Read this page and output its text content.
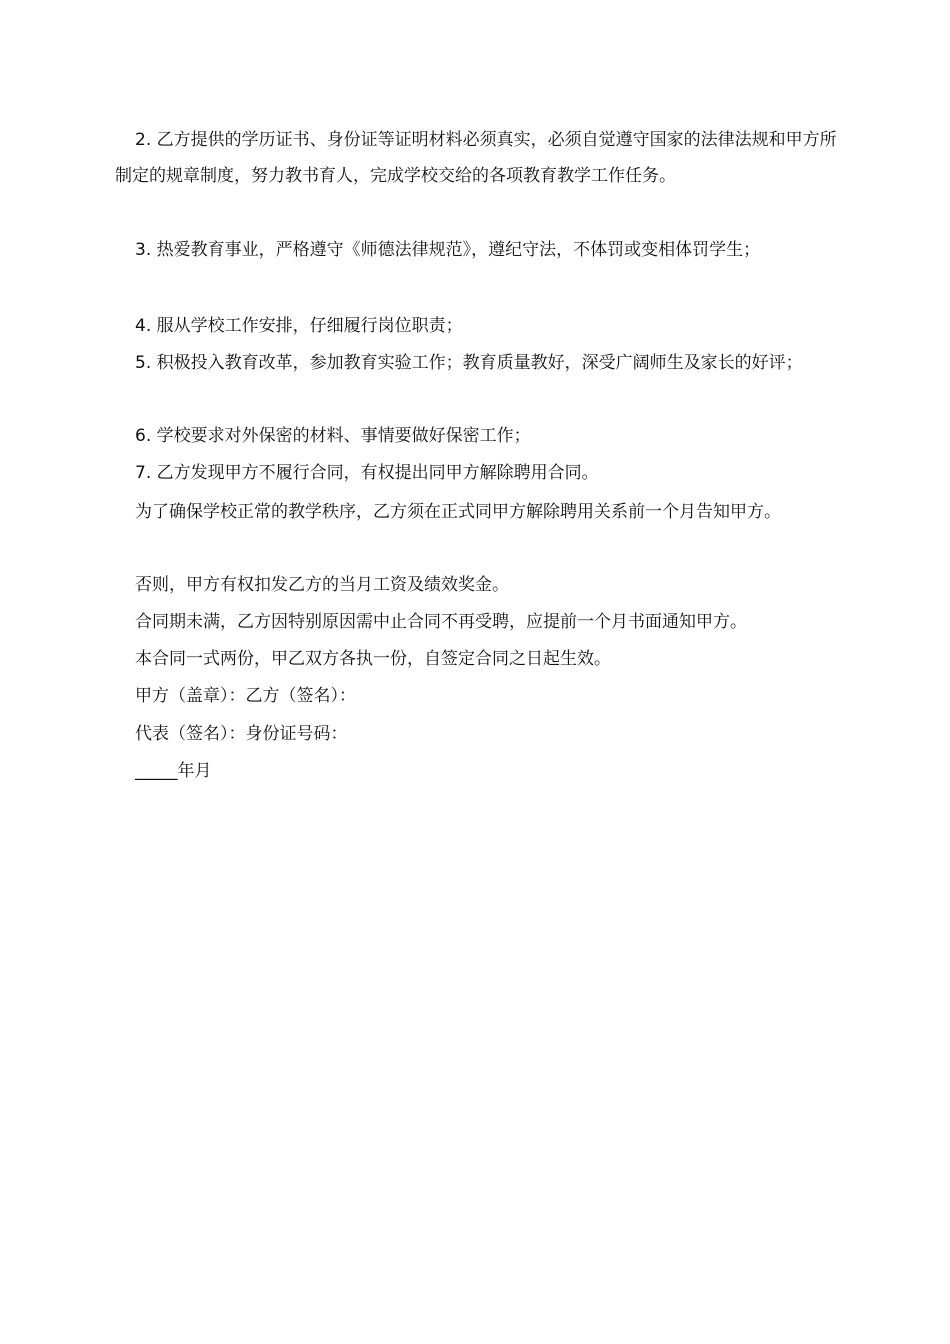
2. 乙方提供的学历证书、身份证等证明材料必须真实，必须自觉遵守国家的法律法规和甲方所制定的规章制度，努力教书育人，完成学校交给的各项教育教学工作任务。

3. 热爱教育事业，严格遵守《师德法律规范》，遵纪守法，不体罚或变相体罚学生；

4. 服从学校工作安排，仔细履行岗位职责；

5. 积极投入教育改革，参加教育实验工作；教育质量教好，深受广阔师生及家长的好评；

6. 学校要求对外保密的材料、事情要做好保密工作；

7. 乙方发现甲方不履行合同，有权提出同甲方解除聘用合同。

为了确保学校正常的教学秩序，乙方须在正式同甲方解除聘用关系前一个月告知甲方。

否则，甲方有权扣发乙方的当月工资及绩效奖金。

合同期未满，乙方因特别原因需中止合同不再受聘，应提前一个月书面通知甲方。

本合同一式两份，甲乙双方各执一份，自签定合同之日起生效。

甲方（盖章）：乙方（签名）：

代表（签名）：身份证号码：

_____年月
